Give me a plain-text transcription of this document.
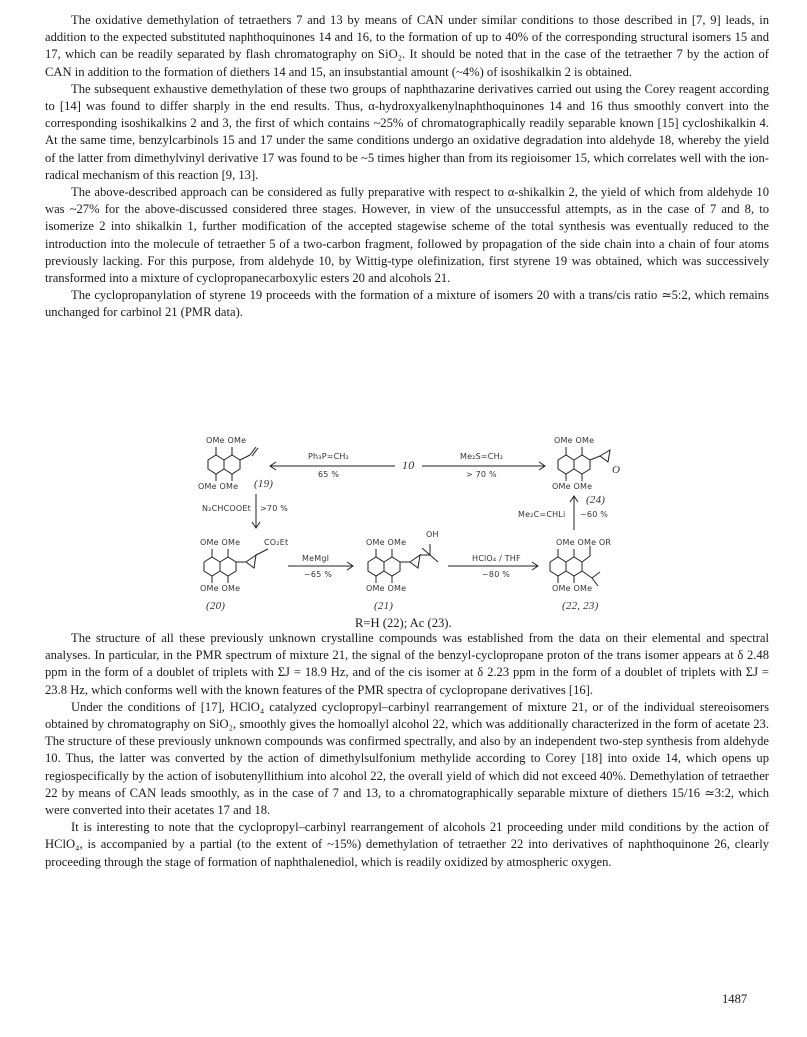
The oxidative demethylation of tetraethers 7 and 13 by means of CAN under similar conditions to those described in [7, 9] leads, in addition to the expected substituted naphthoquinones 14 and 16, to the formation of up to 40% of the corresponding structural isomers 15 and 17, which can be readily separated by flash chromatography on SiO₂. It should be noted that in the case of the tetraether 7 by the action of CAN in addition to the formation of diethers 14 and 15, an insubstantial amount (~4%) of isoshikalkin 2 is obtained.

The subsequent exhaustive demethylation of these two groups of naphthazarine derivatives carried out using the Corey reagent according to [14] was found to differ sharply in the end results. Thus, α-hydroxyalkenylnaphthoquinones 14 and 16 thus smoothly convert into the corresponding isoshikalkins 2 and 3, the first of which contains ~25% of chromatographically readily separable known [15] cycloshikalkin 4. At the same time, benzylcarbinols 15 and 17 under the same conditions undergo an oxidative degradation into aldehyde 18, whereby the yield of the latter from dimethylvinyl derivative 17 was found to be ~5 times higher than from its regioisomer 15, which correlates well with the ion-radical mechanism of this reaction [9, 13].

The above-described approach can be considered as fully preparative with respect to α-shikalkin 2, the yield of which from aldehyde 10 was ~27% for the above-discussed considered three stages. However, in view of the unsuccessful attempts, as in the case of 7 and 8, to isomerize 2 into shikalkin 1, further modification of the accepted stagewise scheme of the total synthesis was eventually reduced to the introduction into the molecule of tetraether 5 of a two-carbon fragment, followed by propagation of the side chain into a chain of four atoms previously lacking. For this purpose, from aldehyde 10, by Wittig-type olefinization, first styrene 19 was obtained, which was successively transformed into a mixture of cyclopropanecarboxylic esters 20 and alcohols 21.

The cyclopropanylation of styrene 19 proceeds with the formation of a mixture of isomers 20 with a trans/cis ratio ≃5:2, which remains unchanged for carbinol 21 (PMR data).

OMe OMe
OMe OMe (19)
Ph₃P=CH₂
65 %
10
Me₂S=CH₂
> 70 %
OMe OMe
OMe OMe
O
(24)
N₂CHCOOEt >70 %
Me₂C=CHLi ~60 %
OMe OMe	CO₂Et
OMe OMe
(20)
MeMgI
~65 %
OMe OMe
OH
OMe OMe
(21)
HClO₄ / THF
~80 %
OMe OMe OR
OMe OMe
(22, 23)
R=H (22); Ac (23).

The structure of all these previously unknown crystalline compounds was established from the data on their elemental and spectral analyses. In particular, in the PMR spectrum of mixture 21, the signal of the benzyl-cyclopropane proton of the trans isomer appears at δ 2.48 ppm in the form of a doublet of triplets with ΣJ = 18.9 Hz, and of the cis isomer at δ 2.23 ppm in the form of a doublet of triplets with ΣJ = 23.8 Hz, which conforms well with the known features of the PMR spectra of cyclopropane derivatives [16].

Under the conditions of [17], HClO₄ catalyzed cyclopropyl–carbinyl rearrangement of mixture 21, or of the individual stereoisomers obtained by chromatography on SiO₂, smoothly gives the homoallyl alcohol 22, which was additionally characterized in the form of acetate 23. The structure of these previously unknown compounds was confirmed spectrally, and also by an independent two-step synthesis from aldehyde 10. Thus, the latter was converted by the action of dimethylsulfonium methylide according to Corey [18] into oxide 14, which opens up regiospecifically by the action of isobutenyllithium into alcohol 22, the overall yield of which did not exceed 40%. Demethylation of tetraether 22 by means of CAN leads smoothly, as in the case of 7 and 13, to a chromatographically separable mixture of diethers 15/16 ≃3:2, which were converted into their acetates 17 and 18.

It is interesting to note that the cyclopropyl–carbinyl rearrangement of alcohols 21 proceeding under mild conditions by the action of HClO₄, is accompanied by a partial (to the extent of ~15%) demethylation of tetraether 22 into derivatives of naphthoquinone 26, clearly proceeding through the stage of formation of naphthalenediol, which is readily oxidized by atmospheric oxygen.

1487
